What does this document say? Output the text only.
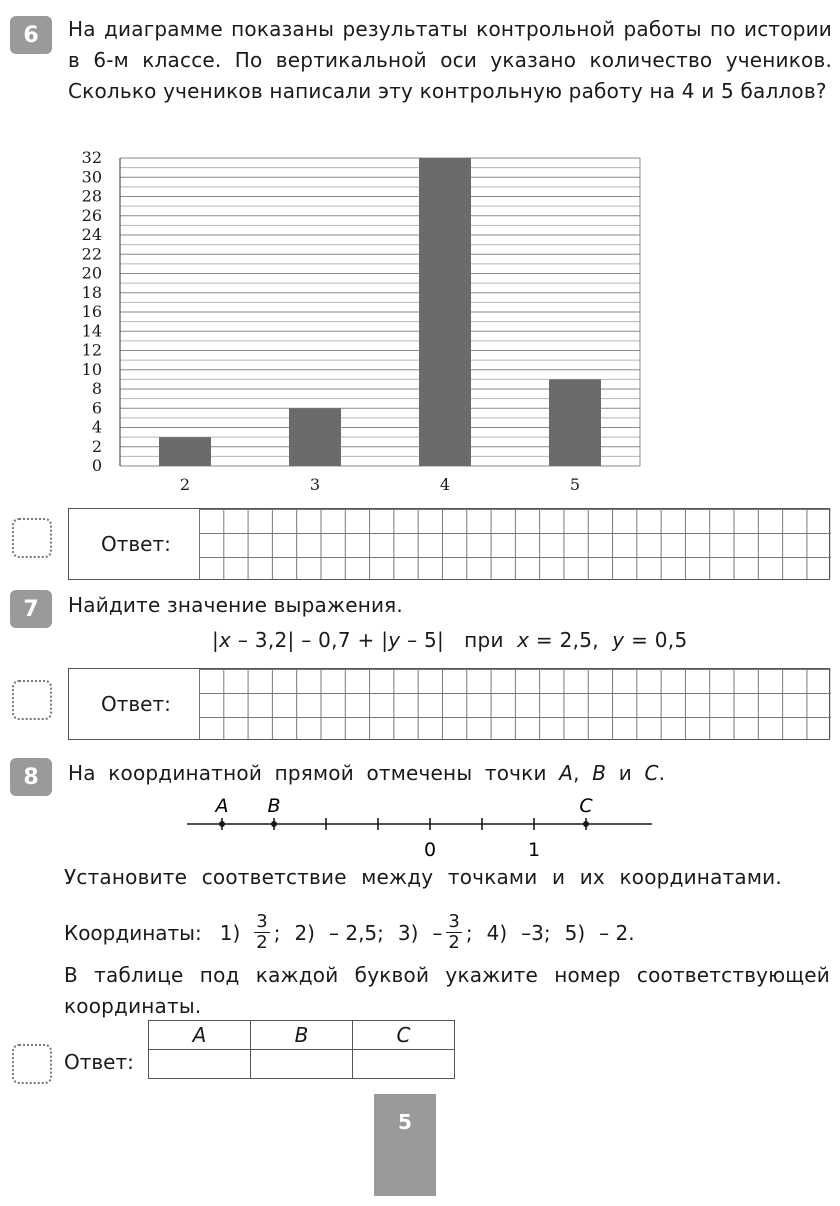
6 На диаграмме показаны результаты контрольной работы по истории в 6-м классе. По вертикальной оси указано количество учеников. Сколько учеников написали эту контрольную работу на 4 и 5 баллов?

0
2
4
6
8
10
12
14
16
18
20
22
24
26
28
30
32
2	3	4	5
Ответ:
7 Найдите значение выражения.

|x – 3,2| – 0,7 + |y – 5|   при  x = 2,5,  y = 0,5
Ответ:
8 На координатной прямой отмечены точки A, B и C.
A B	C
0	1

Установите соответствие между точками и их координатами.

Координаты: $1) \frac{3}{2}$ ; 2) – 2,5; $3) - \frac{3}{2}$ ; 4) –3; 5) – 2.

В таблице под каждой буквой укажите номер соответствующей координаты.

Ответ:
A	B	C

5
